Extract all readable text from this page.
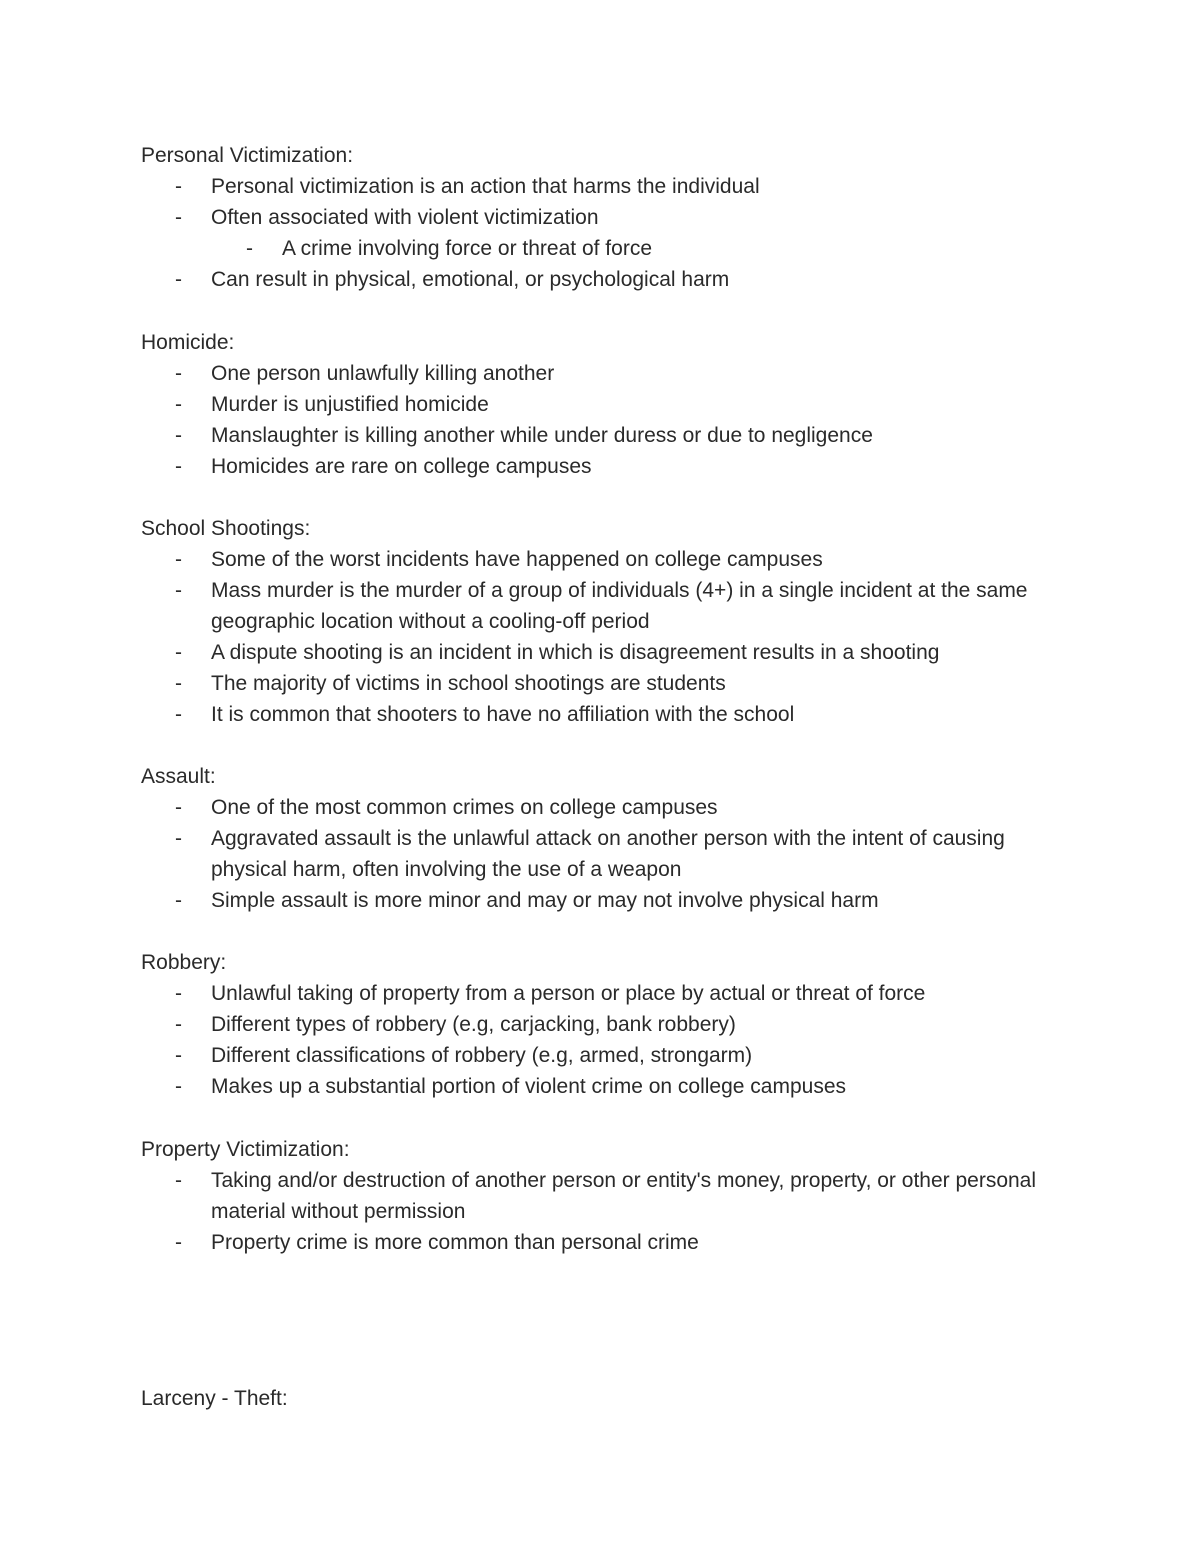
Personal Victimization:
- Personal victimization is an action that harms the individual
- Often associated with violent victimization
- A crime involving force or threat of force
- Can result in physical, emotional, or psychological harm
Homicide:
- One person unlawfully killing another
- Murder is unjustified homicide
- Manslaughter is killing another while under duress or due to negligence
- Homicides are rare on college campuses
School Shootings:
- Some of the worst incidents have happened on college campuses
- Mass murder is the murder of a group of individuals (4+) in a single incident at the same geographic location without a cooling-off period
- A dispute shooting is an incident in which is disagreement results in a shooting
- The majority of victims in school shootings are students
- It is common that shooters to have no affiliation with the school
Assault:
- One of the most common crimes on college campuses
- Aggravated assault is the unlawful attack on another person with the intent of causing physical harm, often involving the use of a weapon
- Simple assault is more minor and may or may not involve physical harm
Robbery:
- Unlawful taking of property from a person or place by actual or threat of force
- Different types of robbery (e.g, carjacking, bank robbery)
- Different classifications of robbery (e.g, armed, strongarm)
- Makes up a substantial portion of violent crime on college campuses
Property Victimization:
- Taking and/or destruction of another person or entity's money, property, or other personal material without permission
- Property crime is more common than personal crime
Larceny - Theft:
